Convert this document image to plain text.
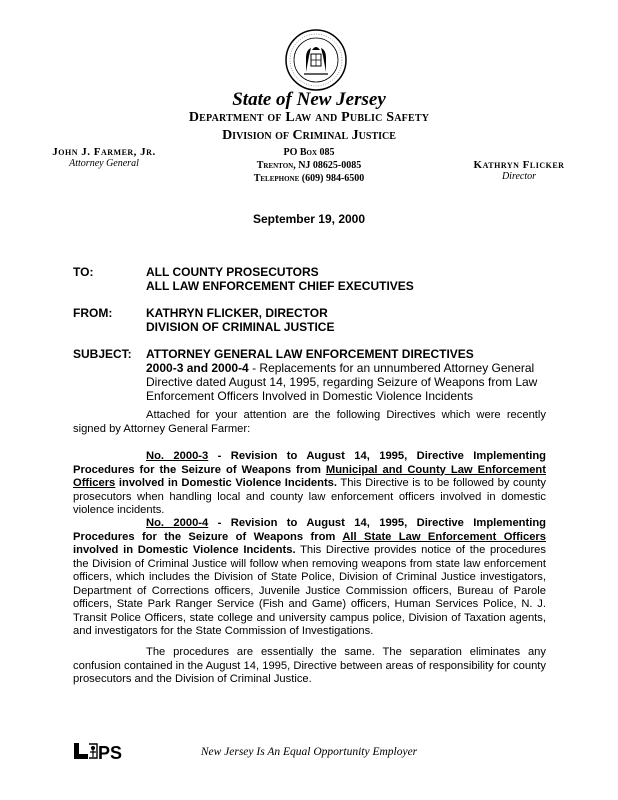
State of New Jersey
Department of Law and Public Safety
Division of Criminal Justice
PO Box 085
Trenton, NJ 08625-0085
Telephone (609) 984-6500
John J. Farmer, Jr.
Attorney General	Kathryn Flicker
Director
September 19, 2000
TO:	ALL COUNTY PROSECUTORS
ALL LAW ENFORCEMENT CHIEF EXECUTIVES
FROM:	KATHRYN FLICKER, DIRECTOR
DIVISION OF CRIMINAL JUSTICE
SUBJECT: ATTORNEY GENERAL LAW ENFORCEMENT DIRECTIVES
2000-3 and 2000-4 - Replacements for an unnumbered Attorney General
Directive dated August 14, 1995, regarding Seizure of Weapons from Law
Enforcement Officers Involved in Domestic Violence Incidents
Attached for your attention are the following Directives which were recently signed by Attorney General Farmer:
No. 2000-3 - Revision to August 14, 1995, Directive Implementing Procedures for the Seizure of Weapons from Municipal and County Law Enforcement Officers involved in Domestic Violence Incidents. This Directive is to be followed by county prosecutors when handling local and county law enforcement officers involved in domestic violence incidents.
No. 2000-4 - Revision to August 14, 1995, Directive Implementing Procedures for the Seizure of Weapons from All State Law Enforcement Officers involved in Domestic Violence Incidents. This Directive provides notice of the procedures the Division of Criminal Justice will follow when removing weapons from state law enforcement officers, which includes the Division of State Police, Division of Criminal Justice investigators, Department of Corrections officers, Juvenile Justice Commission officers, Bureau of Parole officers, State Park Ranger Service (Fish and Game) officers, Human Services Police, N. J. Transit Police Officers, state college and university campus police, Division of Taxation agents, and investigators for the State Commission of Investigations.
The procedures are essentially the same. The separation eliminates any confusion contained in the August 14, 1995, Directive between areas of responsibility for county prosecutors and the Division of Criminal Justice.
PS	New Jersey Is An Equal Opportunity Employer
